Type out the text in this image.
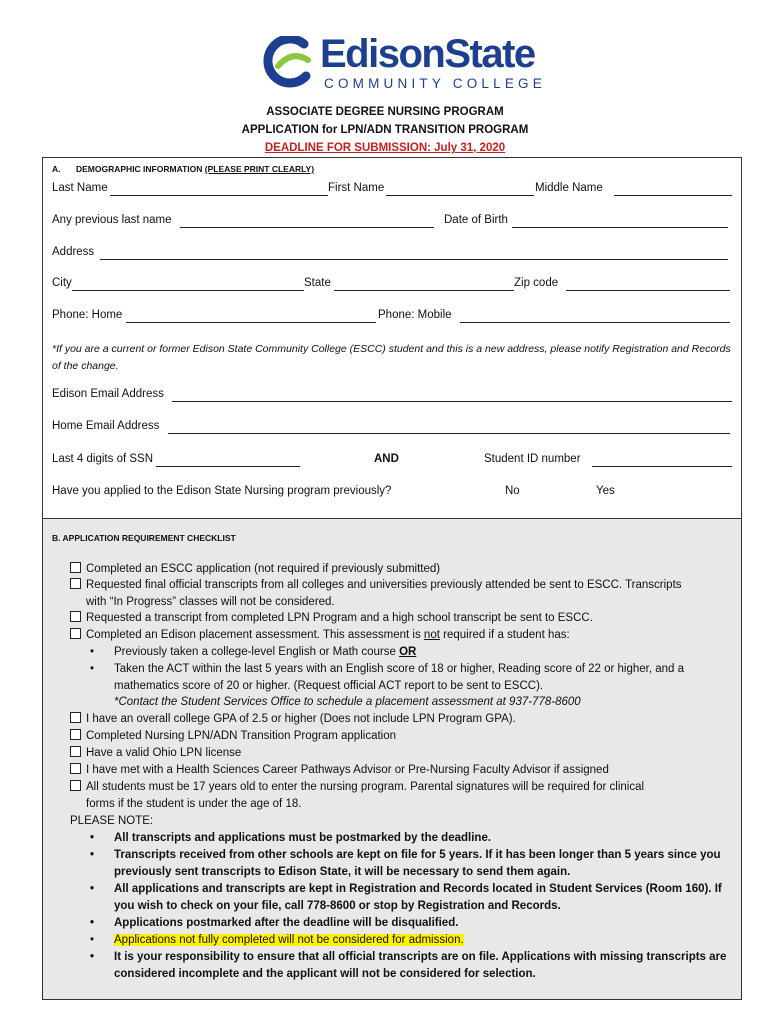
EdisonState
COMMUNITY COLLEGE
ASSOCIATE DEGREE NURSING PROGRAM
APPLICATION for LPN/ADN TRANSITION PROGRAM
DEADLINE FOR SUBMISSION: July 31, 2020
A. DEMOGRAPHIC INFORMATION (PLEASE PRINT CLEARLY)
Last Name	First Name	Middle Name
Any previous last name	Date of Birth
Address
City	State	Zip code
Phone: Home	Phone: Mobile
*If you are a current or former Edison State Community College (ESCC) student and this is a new address, please notify Registration and Records of the change.
Edison Email Address
Home Email Address
Last 4 digits of SSN	AND	Student ID number
Have you applied to the Edison State Nursing program previously?	No	Yes
B. APPLICATION REQUIREMENT CHECKLIST
Completed an ESCC application (not required if previously submitted)
Requested final official transcripts from all colleges and universities previously attended be sent to ESCC. Transcripts
with “In Progress” classes will not be considered.
Requested a transcript from completed LPN Program and a high school transcript be sent to ESCC.
Completed an Edison placement assessment. This assessment is not required if a student has:
•	Previously taken a college-level English or Math course OR
•	Taken the ACT within the last 5 years with an English score of 18 or higher, Reading score of 22 or higher, and a mathematics score of 20 or higher. (Request official ACT report to be sent to ESCC).
*Contact the Student Services Office to schedule a placement assessment at 937-778-8600
I have an overall college GPA of 2.5 or higher (Does not include LPN Program GPA).
Completed Nursing LPN/ADN Transition Program application
Have a valid Ohio LPN license
I have met with a Health Sciences Career Pathways Advisor or Pre-Nursing Faculty Advisor if assigned
All students must be 17 years old to enter the nursing program. Parental signatures will be required for clinical
forms if the student is under the age of 18.
PLEASE NOTE:
•	All transcripts and applications must be postmarked by the deadline.
•	Transcripts received from other schools are kept on file for 5 years. If it has been longer than 5 years since you previously sent transcripts to Edison State, it will be necessary to send them again.
•	All applications and transcripts are kept in Registration and Records located in Student Services (Room 160). If you wish to check on your file, call 778-8600 or stop by Registration and Records.
•	Applications postmarked after the deadline will be disqualified.
•	Applications not fully completed will not be considered for admission.
•	It is your responsibility to ensure that all official transcripts are on file. Applications with missing transcripts are considered incomplete and the applicant will not be considered for selection.
